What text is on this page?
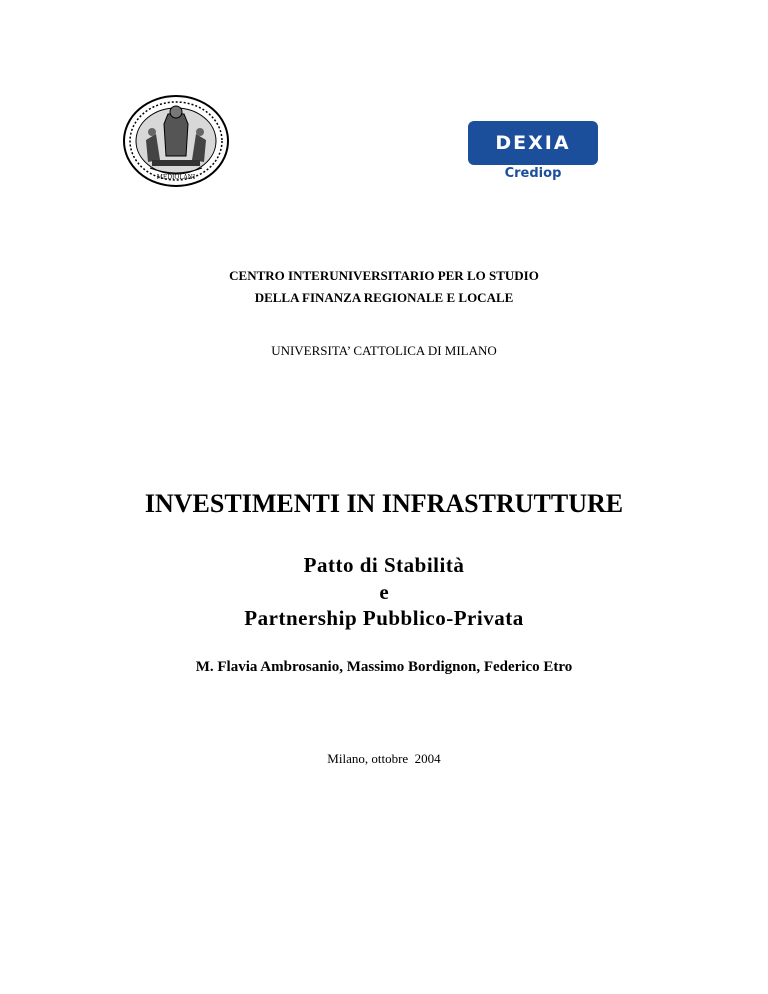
MEDIOLANI
DEXIA
Crediop
CENTRO INTERUNIVERSITARIO PER LO STUDIO
DELLA FINANZA REGIONALE E LOCALE
UNIVERSITA’ CATTOLICA DI MILANO
INVESTIMENTI IN INFRASTRUTTURE
Patto di Stabilità
e
Partnership Pubblico-Privata
M. Flavia Ambrosanio, Massimo Bordignon, Federico Etro
Milano, ottobre  2004
